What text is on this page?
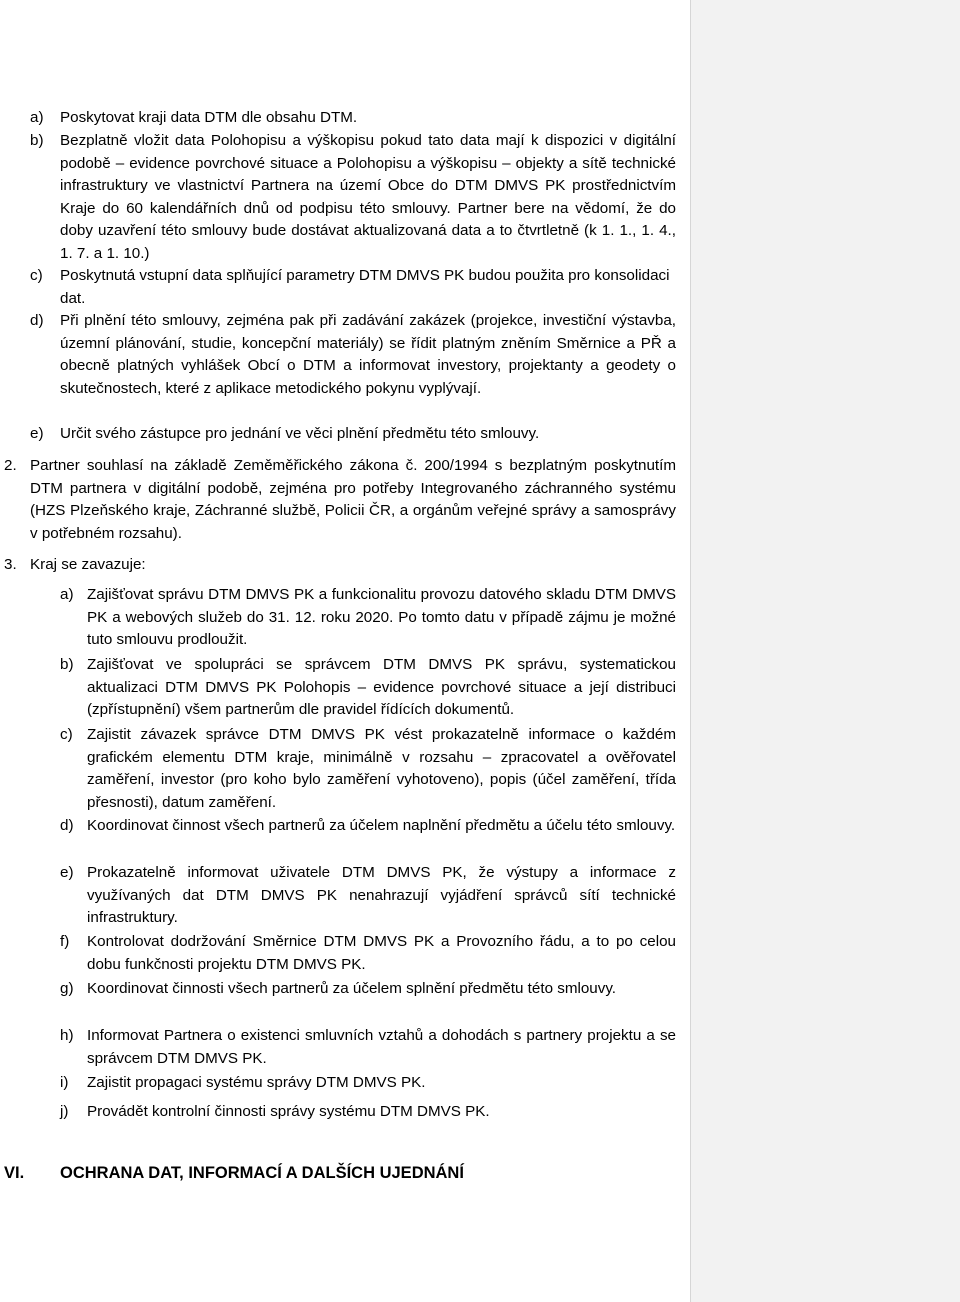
a) Poskytovat kraji data DTM dle obsahu DTM.
b) Bezplatně vložit data Polohopisu a výškopisu pokud tato data mají k dispozici v digitální podobě – evidence povrchové situace a Polohopisu a výškopisu – objekty a sítě technické infrastruktury ve vlastnictví Partnera na území Obce do DTM DMVS PK prostřednictvím Kraje do 60 kalendářních dnů od podpisu této smlouvy. Partner bere na vědomí, že do doby uzavření této smlouvy bude dostávat aktualizovaná data a to čtvrtletně (k 1. 1., 1. 4., 1. 7. a 1. 10.)
c) Poskytnutá vstupní data splňující parametry DTM DMVS PK budou použita pro konsolidaci dat.
d) Při plnění této smlouvy, zejména pak při zadávání zakázek (projekce, investiční výstavba, územní plánování, studie, koncepční materiály) se řídit platným zněním Směrnice a PŘ a obecně platných vyhlášek Obcí o DTM a informovat investory, projektanty a geodety o skutečnostech, které z aplikace metodického pokynu vyplývají.
e) Určit svého zástupce pro jednání ve věci plnění předmětu této smlouvy.
2. Partner souhlasí na základě Zeměměřického zákona č. 200/1994 s bezplatným poskytnutím DTM partnera v digitální podobě, zejména pro potřeby Integrovaného záchranného systému (HZS Plzeňského kraje, Záchranné službě, Policii ČR, a orgánům veřejné správy a samosprávy v potřebném rozsahu).
3. Kraj se zavazuje:
a) Zajišťovat správu DTM DMVS PK a funkcionalitu provozu datového skladu DTM DMVS PK a webových služeb do 31. 12. roku 2020. Po tomto datu v případě zájmu je možné tuto smlouvu prodloužit.
b) Zajišťovat ve spolupráci se správcem DTM DMVS PK správu, systematickou aktualizaci DTM DMVS PK Polohopis – evidence povrchové situace a její distribuci (zpřístupnění) všem partnerům dle pravidel řídících dokumentů.
c) Zajistit závazek správce DTM DMVS PK vést prokazatelně informace o každém grafickém elementu DTM kraje, minimálně v rozsahu – zpracovatel a ověřovatel zaměření, investor (pro koho bylo zaměření vyhotoveno), popis (účel zaměření, třída přesnosti), datum zaměření.
d) Koordinovat činnost všech partnerů za účelem naplnění předmětu a účelu této smlouvy.
e) Prokazatelně informovat uživatele DTM DMVS PK, že výstupy a informace z využívaných dat DTM DMVS PK nenahrazují vyjádření správců sítí technické infrastruktury.
f) Kontrolovat dodržování Směrnice DTM DMVS PK a Provozního řádu, a to po celou dobu funkčnosti projektu DTM DMVS PK.
g) Koordinovat činnosti všech partnerů za účelem splnění předmětu této smlouvy.
h) Informovat Partnera o existenci smluvních vztahů a dohodách s partnery projektu a se správcem DTM DMVS PK.
i) Zajistit propagaci systému správy DTM DMVS PK.
j) Provádět kontrolní činnosti správy systému DTM DMVS PK.
VI. OCHRANA DAT, INFORMACÍ A DALŠÍCH UJEDNÁNÍ
